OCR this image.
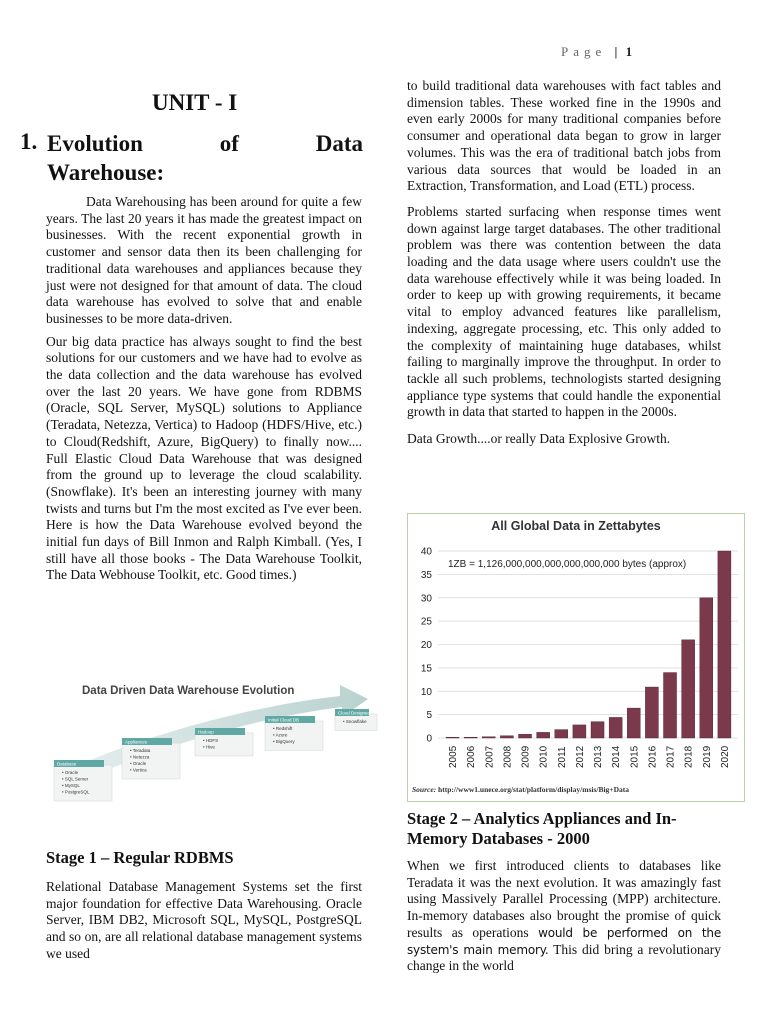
Page | 1
UNIT - I
1. Evolution	of	Data
Warehouse:

Data Warehousing has been around for quite a few years. The last 20 years it has made the greatest impact on businesses. With the recent exponential growth in customer and sensor data then its been challenging for traditional data warehouses and appliances because they just were not designed for that amount of data. The cloud data warehouse has evolved to solve that and enable businesses to be more data-driven.

Our big data practice has always sought to find the best solutions for our customers and we have had to evolve as the data collection and the data warehouse has evolved over the last 20 years. We have gone from RDBMS (Oracle, SQL Server, MySQL) solutions to Appliance (Teradata, Netezza, Vertica) to Hadoop (HDFS/Hive, etc.) to Cloud(Redshift, Azure, BigQuery) to finally now.... Full Elastic Cloud Data Warehouse that was designed from the ground up to leverage the cloud scalability. (Snowflake). It's been an interesting journey with many twists and turns but I'm the most excited as I've ever been. Here is how the Data Warehouse evolved beyond the initial fun days of Bill Inmon and Ralph Kimball. (Yes, I still have all those books - The Data Warehouse Toolkit, The Data Webhouse Toolkit, etc. Good times.)

Data Driven Data Warehouse Evolution
Database
• Oracle
• SQL Server
• MySQL
• PostgreSQL
Appliances
• Teradata
• Netezza
• Oracle
• Vertica
Hadoop
• HDFS
• Hive
Initial Cloud DB
• Redshift
• Azure
• BigQuery
Cloud Designed
• Snowflake
Stage 1 – Regular RDBMS

Relational Database Management Systems set the first major foundation for effective Data Warehousing. Oracle Server, IBM DB2, Microsoft SQL, MySQL, PostgreSQL and so on, are all relational database management systems we used

to build traditional data warehouses with fact tables and dimension tables. These worked fine in the 1990s and even early 2000s for many traditional companies before consumer and operational data began to grow in larger volumes. This was the era of traditional batch jobs from various data sources that would be loaded in an Extraction, Transformation, and Load (ETL) process.

Problems started surfacing when response times went down against large target databases. The other traditional problem was there was contention between the data loading and the data usage where users couldn't use the data warehouse effectively while it was being loaded. In order to keep up with growing requirements, it became vital to employ advanced features like parallelism, indexing, aggregate processing, etc. This only added to the complexity of maintaining huge databases, whilst failing to marginally improve the throughput. In order to tackle all such problems, technologists started designing appliance type systems that could handle the exponential growth in data that started to happen in the 2000s.

Data Growth....or really Data Explosive Growth.

All Global Data in Zettabytes
1ZB = 1,126,000,000,000,000,000,000 bytes (approx)
0
5
10
15
20
25
30
35
40
2005 2006 2007 2008 2009 2010 2011 2012 2013 2014 2015 2016 2017 2018 2019 2020
Source: http://www1.unece.org/stat/platform/display/msis/Big+Data
Stage 2 – Analytics Appliances and In-Memory Databases - 2000

When we first introduced clients to databases like Teradata it was the next evolution. It was amazingly fast using Massively Parallel Processing (MPP) architecture. In-memory databases also brought the promise of quick results as operations would be performed on the system's main memory. This did bring a revolutionary change in the world
